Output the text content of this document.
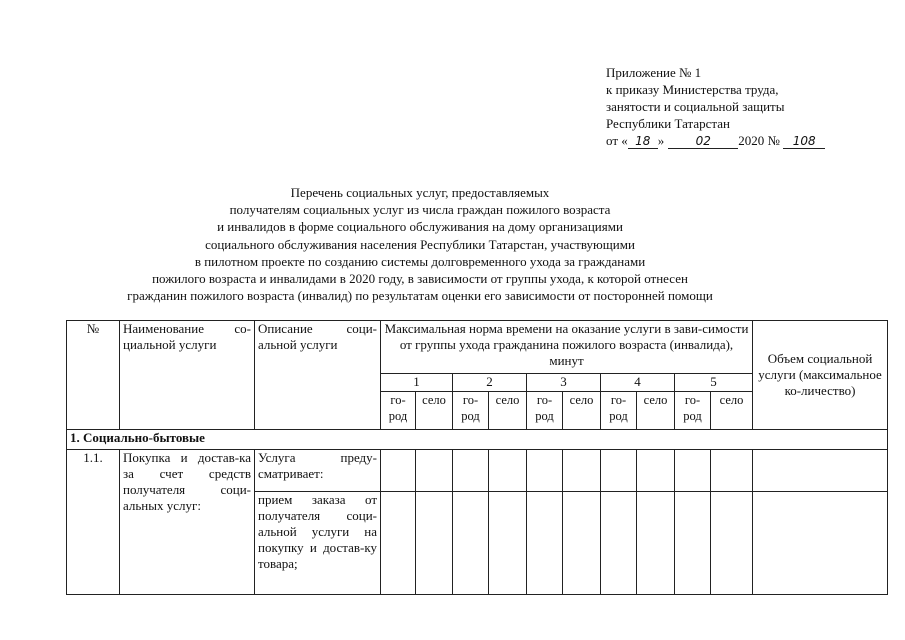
Приложение № 1
к приказу Министерства труда,
занятости и социальной защиты
Республики Татарстан
от « 18 »	02 2020 № 108
Перечень социальных услуг, предоставляемых
получателям социальных услуг из числа граждан пожилого возраста
и инвалидов в форме социального обслуживания на дому организациями
социального обслуживания населения Республики Татарстан, участвующими
в пилотном проекте по созданию системы долговременного ухода за гражданами
пожилого возраста и инвалидами в 2020 году, в зависимости от группы ухода, к которой отнесен
гражданин пожилого возраста (инвалид) по результатам оценки его зависимости от посторонней помощи
№	Наименование со-циальной услуги	Описание соци-альной услуги	Максимальная норма времени на оказание услуги в зави-симости от группы ухода гражданина пожилого возраста (инвалида), минут										Объем социальной услуги (максимальное ко-личество)
			1		2		3		4		5		
			го-род	село	го-род	село	го-род	село	го-род	село	го-род	село	
1. Социально-бытовые													
1.1.	Покупка и достав-ка за счет средств получателя соци-альных услуг:	Услуга преду-сматривает:											
		прием заказа от получателя соци-альной услуги на покупку и достав-ку товара;											
